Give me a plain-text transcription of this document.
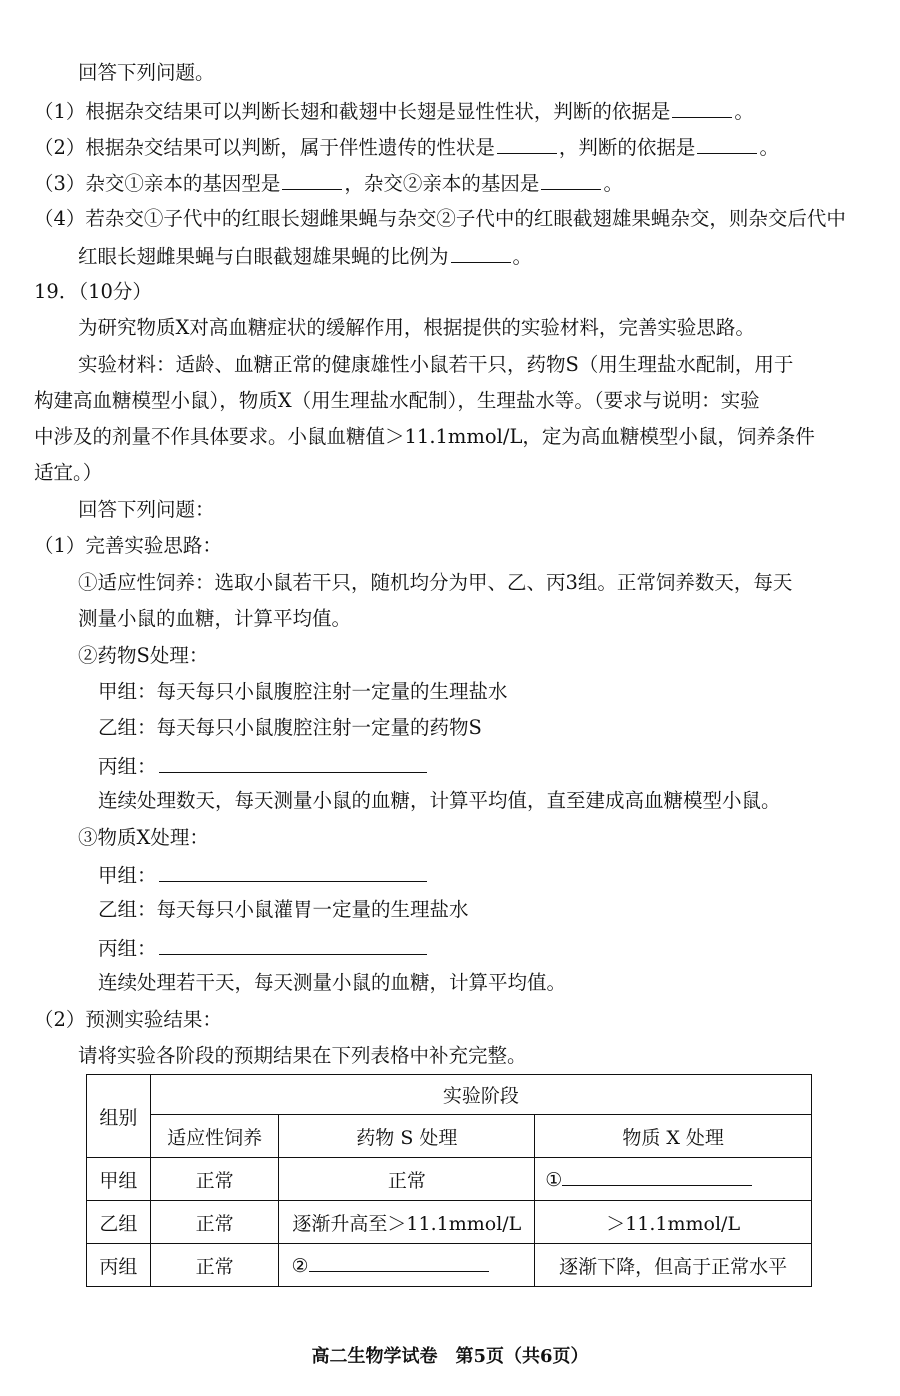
回答下列问题。
（1）根据杂交结果可以判断长翅和截翅中长翅是显性性状，判断的依据是	。
（2）根据杂交结果可以判断，属于伴性遗传的性状是	，判断的依据是	。
（3）杂交①亲本的基因型是	，杂交②亲本的基因是	。
（4）若杂交①子代中的红眼长翅雌果蝇与杂交②子代中的红眼截翅雄果蝇杂交，则杂交后代中
红眼长翅雌果蝇与白眼截翅雄果蝇的比例为	。
19．（10分）
为研究物质X对高血糖症状的缓解作用，根据提供的实验材料，完善实验思路。
实验材料：适龄、血糖正常的健康雄性小鼠若干只，药物S（用生理盐水配制，用于
构建高血糖模型小鼠），物质X（用生理盐水配制），生理盐水等。（要求与说明：实验
中涉及的剂量不作具体要求。小鼠血糖值＞11.1mmol/L，定为高血糖模型小鼠，饲养条件
适宜。）
回答下列问题：
（1）完善实验思路：
①适应性饲养：选取小鼠若干只，随机均分为甲、乙、丙3组。正常饲养数天，每天
测量小鼠的血糖，计算平均值。
②药物S处理：
甲组：每天每只小鼠腹腔注射一定量的生理盐水
乙组：每天每只小鼠腹腔注射一定量的药物S
丙组：
连续处理数天，每天测量小鼠的血糖，计算平均值，直至建成高血糖模型小鼠。
③物质X处理：
甲组：
乙组：每天每只小鼠灌胃一定量的生理盐水
丙组：
连续处理若干天，每天测量小鼠的血糖，计算平均值。
（2）预测实验结果：
请将实验各阶段的预期结果在下列表格中补充完整。
组别	实验阶段		
	适应性饲养	药物 S 处理	物质 X 处理
甲组	正常	正常	①
乙组	正常	逐渐升高至＞11.1mmol/L	＞11.1mmol/L
丙组	正常	②	逐渐下降，但高于正常水平
高二生物学试卷　第5页（共6页）
